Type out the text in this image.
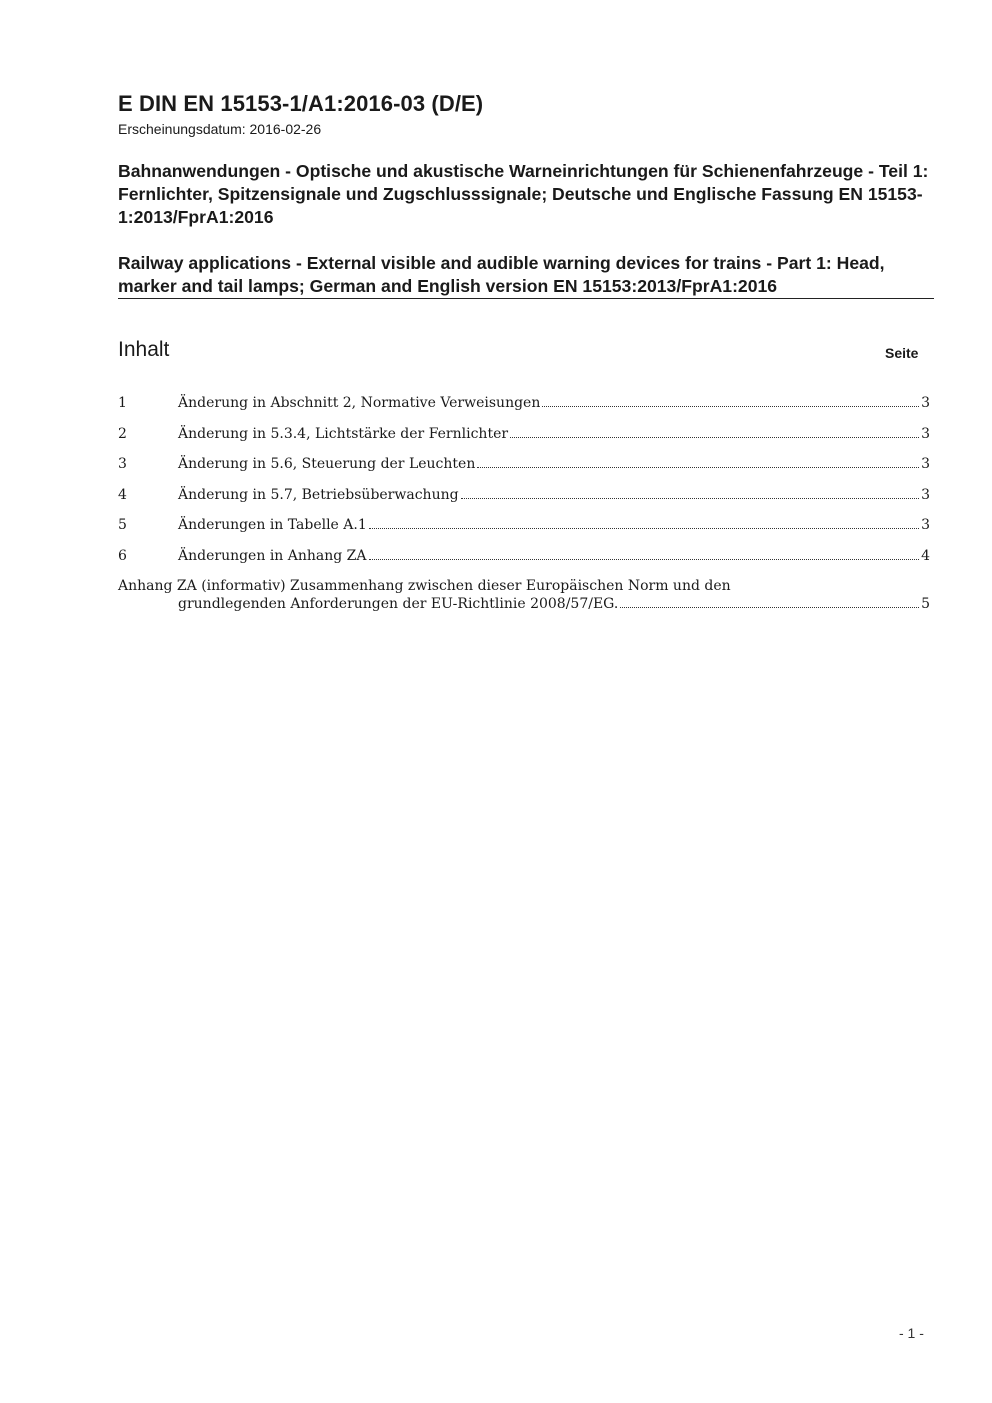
E DIN EN 15153-1/A1:2016-03 (D/E)
Erscheinungsdatum: 2016-02-26
Bahnanwendungen - Optische und akustische Warneinrichtungen für Schienenfahrzeuge - Teil 1: Fernlichter, Spitzensignale und Zugschlusssignale; Deutsche und Englische Fassung EN 15153-1:2013/FprA1:2016
Railway applications - External visible and audible warning devices for trains - Part 1: Head, marker and tail lamps; German and English version EN 15153:2013/FprA1:2016
Inhalt	Seite
1	Änderung in Abschnitt 2, Normative Verweisungen	3
2	Änderung in 5.3.4, Lichtstärke der Fernlichter	3
3	Änderung in 5.6, Steuerung der Leuchten	3
4	Änderung in 5.7, Betriebsüberwachung	3
5	Änderungen in Tabelle A.1	3
6	Änderungen in Anhang ZA	4
Anhang ZA (informativ) Zusammenhang zwischen dieser Europäischen Norm und den
grundlegenden Anforderungen der EU-Richtlinie 2008/57/EG.	5
- 1 -
